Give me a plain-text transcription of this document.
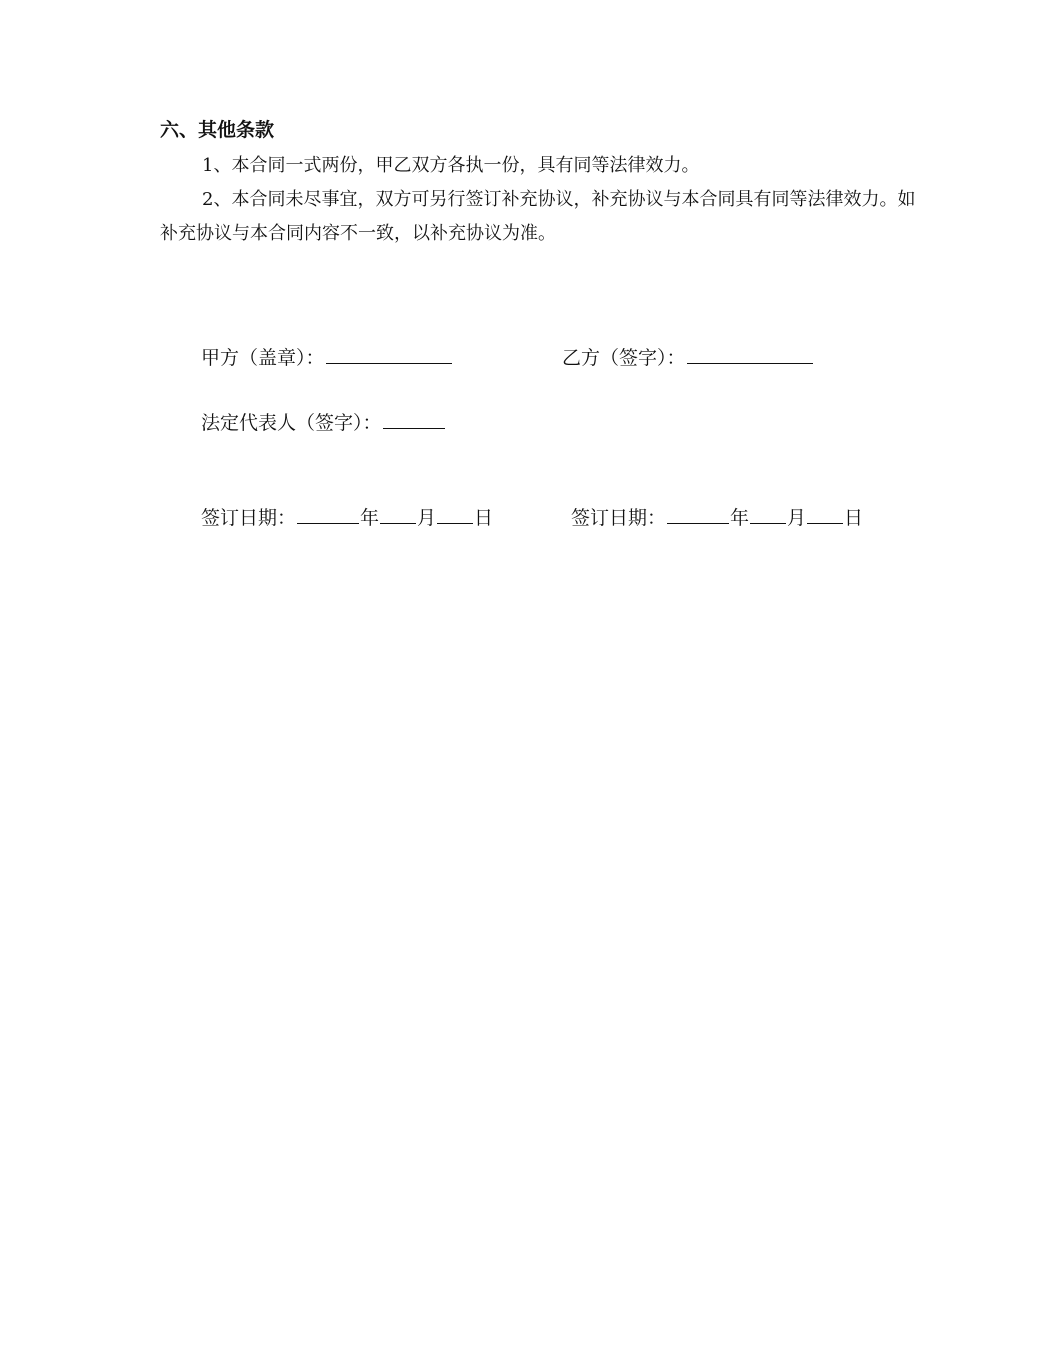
六、其他条款

1、本合同一式两份，甲乙双方各执一份，具有同等法律效力。

2、本合同未尽事宜，双方可另行签订补充协议，补充协议与本合同具有同等法律效力。如补充协议与本合同内容不一致，以补充协议为准。

甲方（盖章）：	乙方（签字）：
法定代表人（签字）：
签订日期：	年 月 日	签订日期：	年 月 日
